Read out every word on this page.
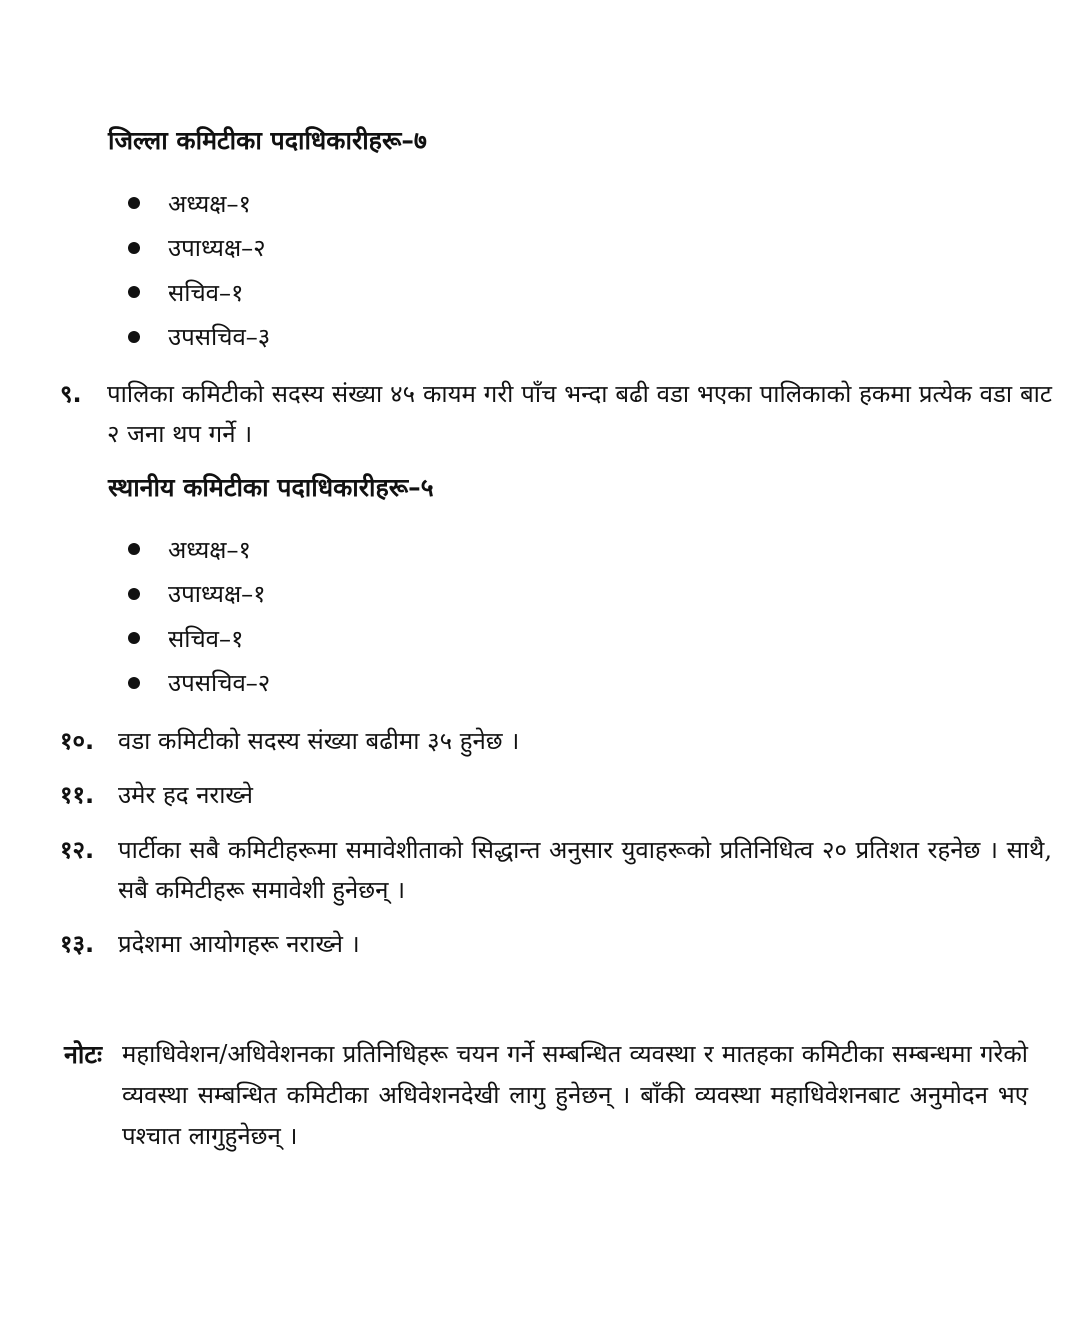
जिल्ला कमिटीका पदाधिकारीहरू–७
अध्यक्ष–१
उपाध्यक्ष–२
सचिव–१
उपसचिव–३
९.	पालिका कमिटीको सदस्य संख्या ४५ कायम गरी पाँच भन्दा बढी वडा भएका पालिकाको हकमा प्रत्येक वडा बाट २ जना थप गर्ने ।
स्थानीय कमिटीका पदाधिकारीहरू–५
अध्यक्ष–१
उपाध्यक्ष–१
सचिव–१
उपसचिव–२
१०. वडा कमिटीको सदस्य संख्या बढीमा ३५ हुनेछ ।
११. उमेर हद नराख्ने
१२. पार्टीका सबै कमिटीहरूमा समावेशीताको सिद्धान्त अनुसार युवाहरूको प्रतिनिधित्व २० प्रतिशत रहनेछ । साथै, सबै कमिटीहरू समावेशी हुनेछन् ।
१३. प्रदेशमा आयोगहरू नराख्ने ।
नोटः महाधिवेशन/अधिवेशनका प्रतिनिधिहरू चयन गर्ने सम्बन्धित व्यवस्था र मातहका कमिटीका सम्बन्धमा गरेको व्यवस्था सम्बन्धित कमिटीका अधिवेशनदेखी लागु हुनेछन् । बाँकी व्यवस्था महाधिवेशनबाट अनुमोदन भए पश्चात लागुहुनेछन् ।
